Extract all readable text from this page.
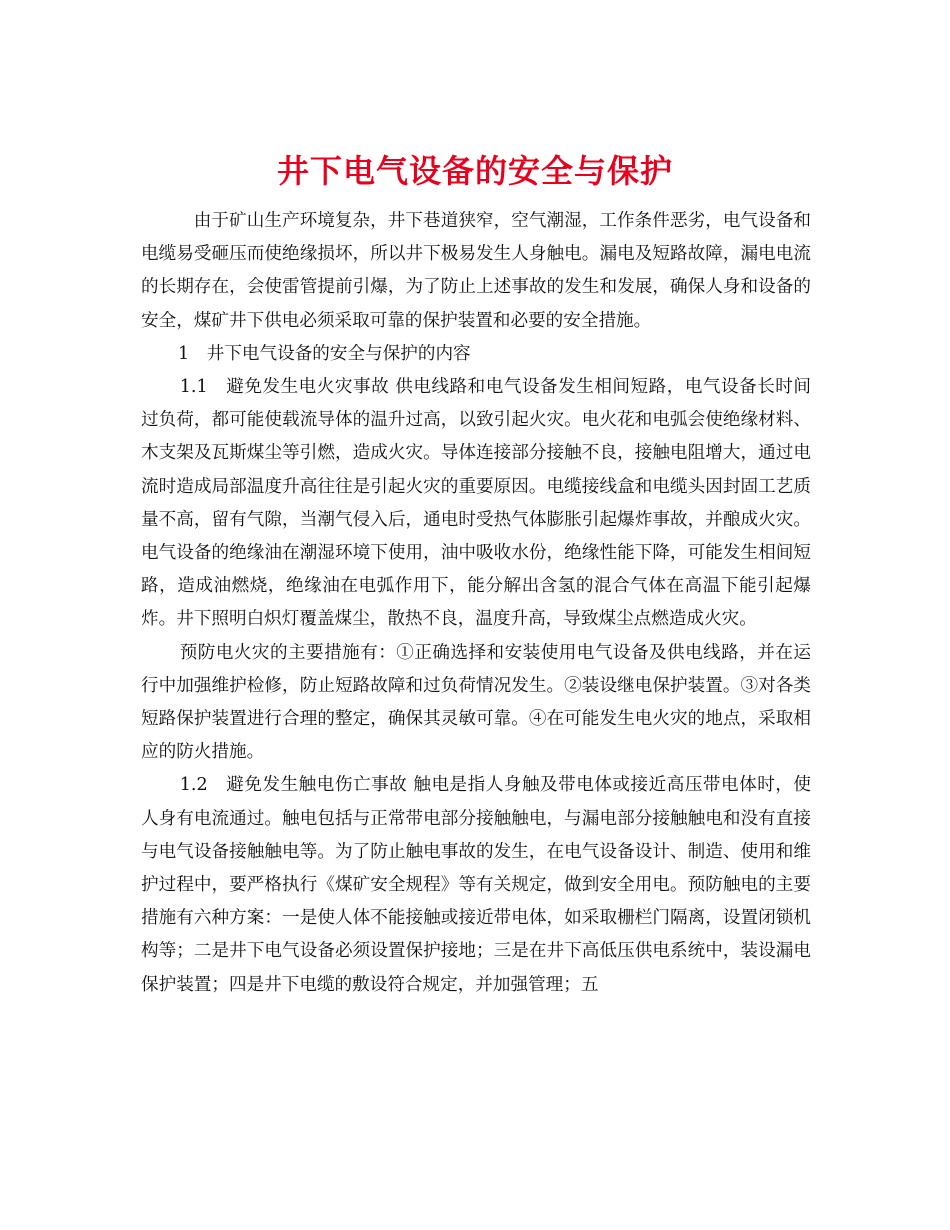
井下电气设备的安全与保护

由于矿山生产环境复杂，井下巷道狭窄，空气潮湿，工作条件恶劣，电气设备和电缆易受砸压而使绝缘损坏，所以井下极易发生人身触电。漏电及短路故障，漏电电流的长期存在，会使雷管提前引爆，为了防止上述事故的发生和发展，确保人身和设备的安全，煤矿井下供电必须采取可靠的保护装置和必要的安全措施。

1　井下电气设备的安全与保护的内容

1.1　避免发生电火灾事故 供电线路和电气设备发生相间短路，电气设备长时间过负荷，都可能使载流导体的温升过高，以致引起火灾。电火花和电弧会使绝缘材料、木支架及瓦斯煤尘等引燃，造成火灾。导体连接部分接触不良，接触电阻增大，通过电流时造成局部温度升高往往是引起火灾的重要原因。电缆接线盒和电缆头因封固工艺质量不高，留有气隙，当潮气侵入后，通电时受热气体膨胀引起爆炸事故，并酿成火灾。电气设备的绝缘油在潮湿环境下使用，油中吸收水份，绝缘性能下降，可能发生相间短路，造成油燃烧，绝缘油在电弧作用下，能分解出含氢的混合气体在高温下能引起爆炸。井下照明白炽灯覆盖煤尘，散热不良，温度升高，导致煤尘点燃造成火灾。

预防电火灾的主要措施有：①正确选择和安装使用电气设备及供电线路，并在运行中加强维护检修，防止短路故障和过负荷情况发生。②装设继电保护装置。③对各类短路保护装置进行合理的整定，确保其灵敏可靠。④在可能发生电火灾的地点，采取相应的防火措施。

1.2　避免发生触电伤亡事故 触电是指人身触及带电体或接近高压带电体时，使人身有电流通过。触电包括与正常带电部分接触触电，与漏电部分接触触电和没有直接与电气设备接触触电等。为了防止触电事故的发生，在电气设备设计、制造、使用和维护过程中，要严格执行《煤矿安全规程》等有关规定，做到安全用电。预防触电的主要措施有六种方案：一是使人体不能接触或接近带电体，如采取栅栏门隔离，设置闭锁机构等；二是井下电气设备必须设置保护接地；三是在井下高低压供电系统中，装设漏电保护装置；四是井下电缆的敷设符合规定，并加强管理；五
